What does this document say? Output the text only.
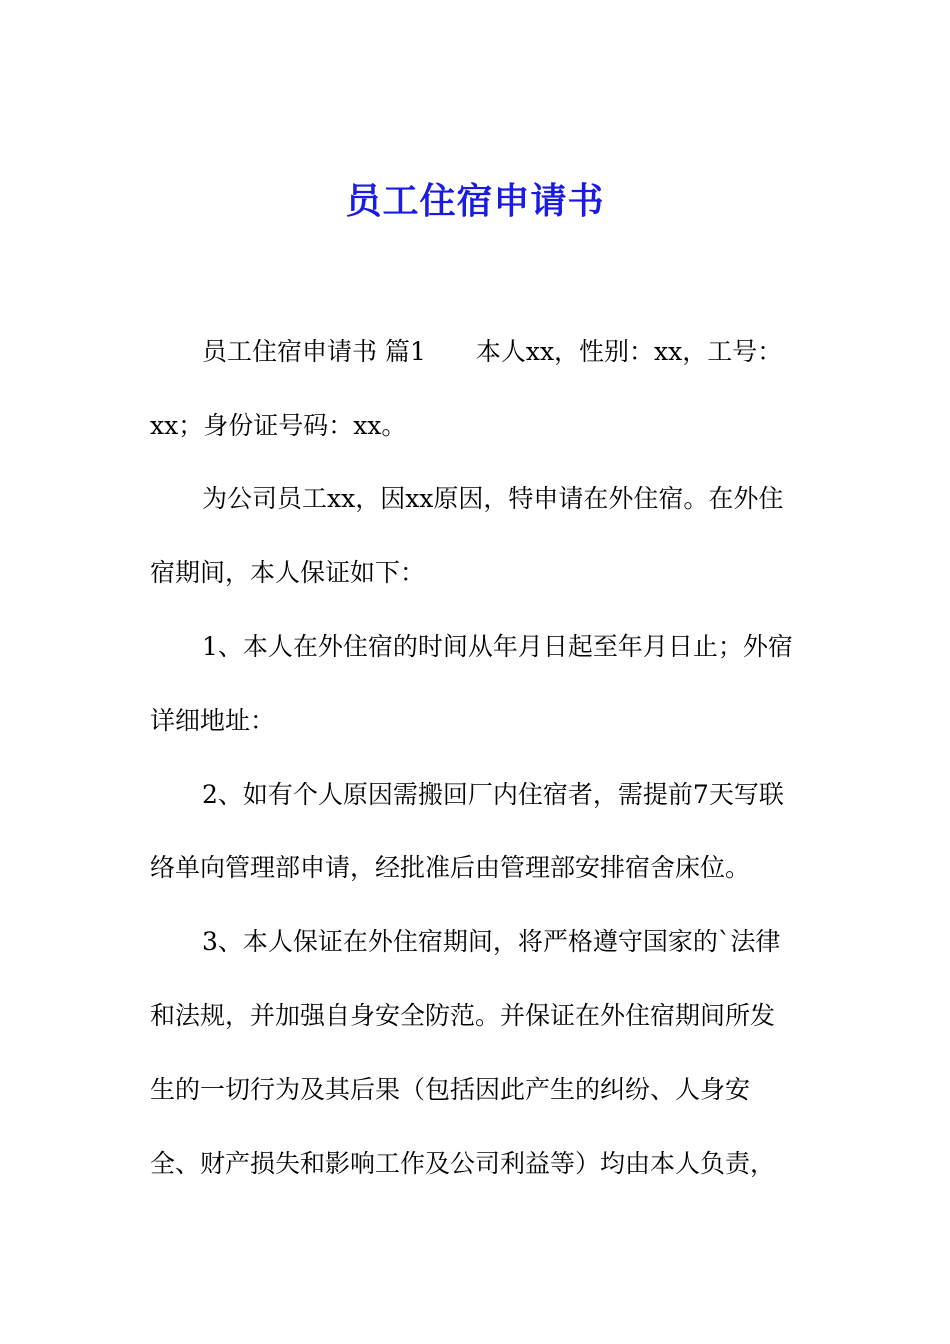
员工住宿申请书
员工住宿申请书 篇1　　本人xx，性别：xx，工号：
xx；身份证号码：xx。
为公司员工xx，因xx原因，特申请在外住宿。在外住
宿期间，本人保证如下：
1、本人在外住宿的时间从年月日起至年月日止；外宿
详细地址：
2、如有个人原因需搬回厂内住宿者，需提前7天写联
络单向管理部申请，经批准后由管理部安排宿舍床位。
3、本人保证在外住宿期间，将严格遵守国家的`法律
和法规，并加强自身安全防范。并保证在外住宿期间所发
生的一切行为及其后果（包括因此产生的纠纷、人身安
全、财产损失和影响工作及公司利益等）均由本人负责，
